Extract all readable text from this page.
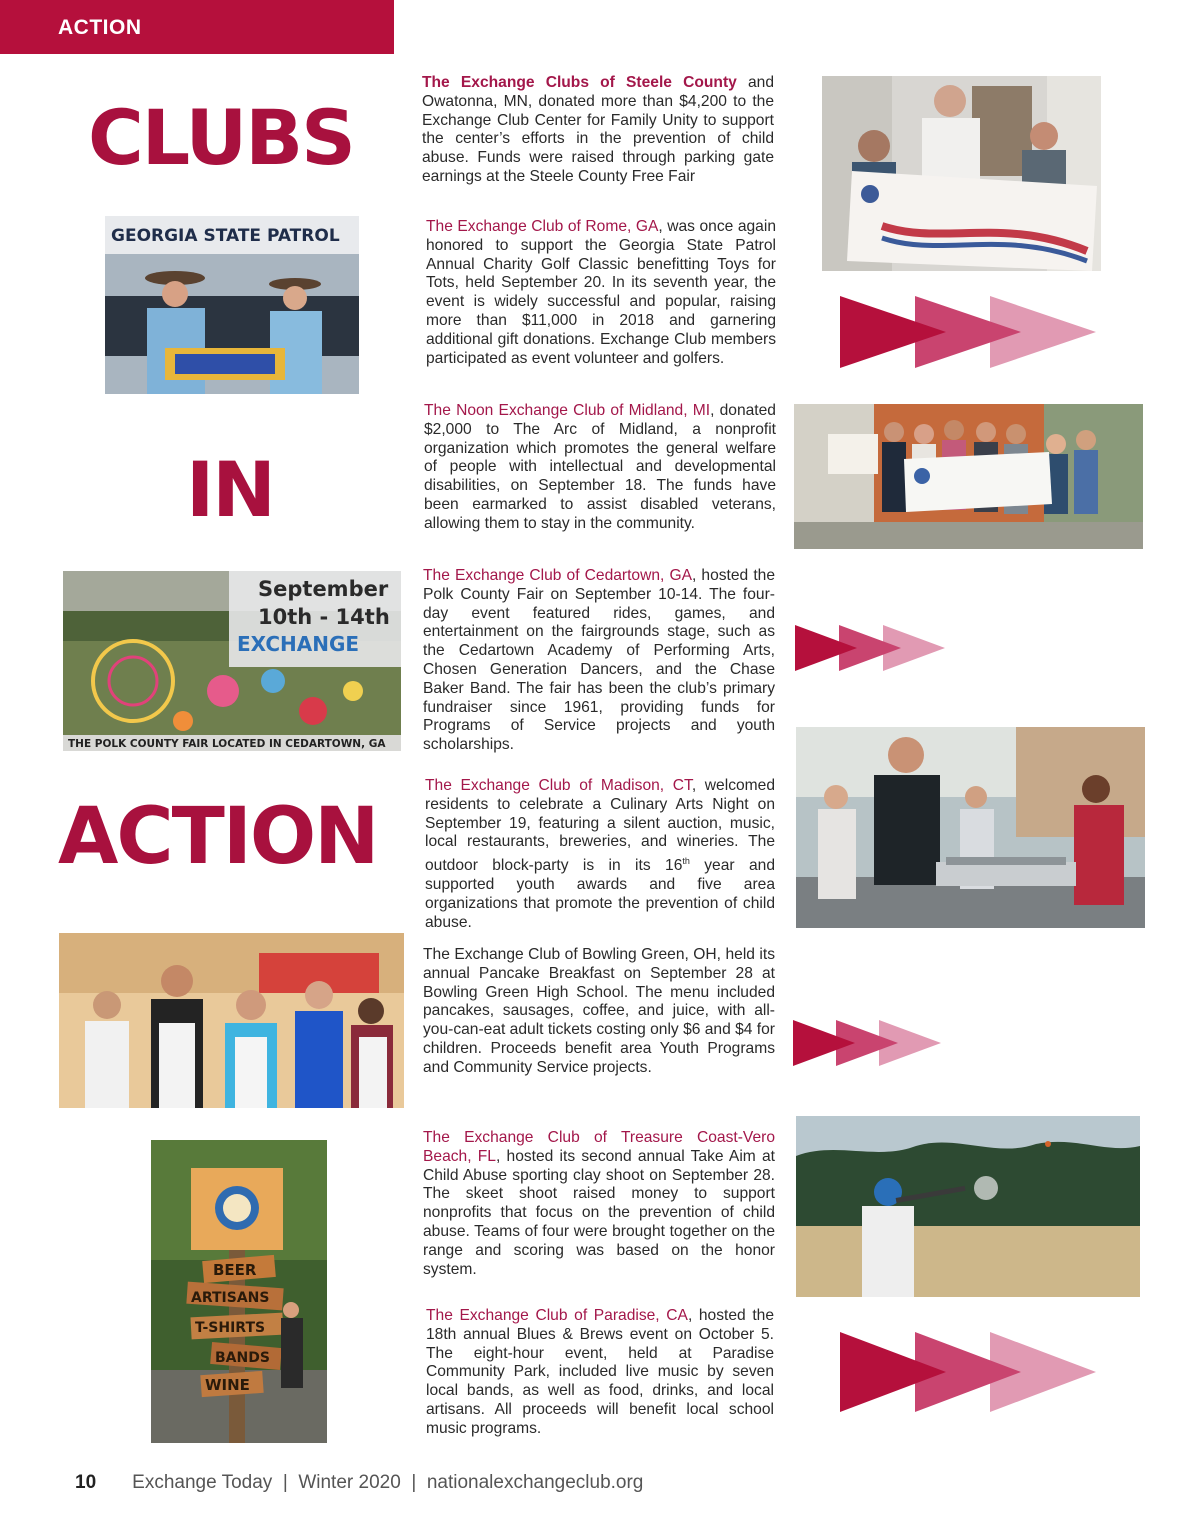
ACTION
CLUBS
IN
ACTION
The Exchange Clubs of Steele County and Owatonna, MN, donated more than $4,200 to the Exchange Club Center for Family Unity to support the center’s efforts in the prevention of child abuse. Funds were raised through parking gate earnings at the Steele County Free Fair
The Exchange Club of Rome, GA, was once again honored to support the Georgia State Patrol Annual Charity Golf Classic benefitting Toys for Tots, held September 20. In its seventh year, the event is widely successful and popular, raising more than $11,000 in 2018 and garnering additional gift donations. Exchange Club members participated as event volunteer and golfers.
The Noon Exchange Club of Midland, MI, donated $2,000 to The Arc of Midland, a nonprofit organization which promotes the general welfare of people with intellectual and developmental disabilities, on September 18. The funds have been earmarked to assist disabled veterans, allowing them to stay in the community.
The Exchange Club of Cedartown, GA, hosted the Polk County Fair on September 10-14. The four-day event featured rides, games, and entertainment on the fairgrounds stage, such as the Cedartown Academy of Performing Arts, Chosen Generation Dancers, and the Chase Baker Band. The fair has been the club’s primary fundraiser since 1961, providing funds for Programs of Service projects and youth scholarships.
The Exchange Club of Madison, CT, welcomed residents to celebrate a Culinary Arts Night on September 19, featuring a silent auction, music, local restaurants, breweries, and wineries. The outdoor block-party is in its 16th year and supported youth awards and five area organizations that promote the prevention of child abuse.
The Exchange Club of Bowling Green, OH, held its annual Pancake Breakfast on September 28 at Bowling Green High School. The menu included pancakes, sausages, coffee, and juice, with all-you-can-eat adult tickets costing only $6 and $4 for children. Proceeds benefit area Youth Programs and Community Service projects.
The Exchange Club of Treasure Coast-Vero Beach, FL, hosted its second annual Take Aim at Child Abuse sporting clay shoot on September 28. The skeet shoot raised money to support nonprofits that focus on the prevention of child abuse. Teams of four were brought together on the range and scoring was based on the honor system.
The Exchange Club of Paradise, CA, hosted the 18th annual Blues & Brews event on October 5. The eight-hour event, held at Paradise Community Park, included live music by seven local bands, as well as food, drinks, and local artisans. All proceeds will benefit local school music programs.
GEORGIA STATE PATROL
September
10th - 14th
EXCHANGE
THE POLK COUNTY FAIR LOCATED IN CEDARTOWN, GA
BEER
ARTISANS
T-SHIRTS
BANDS
WINE
10 Exchange Today  |  Winter 2020  |  nationalexchangeclub.org
